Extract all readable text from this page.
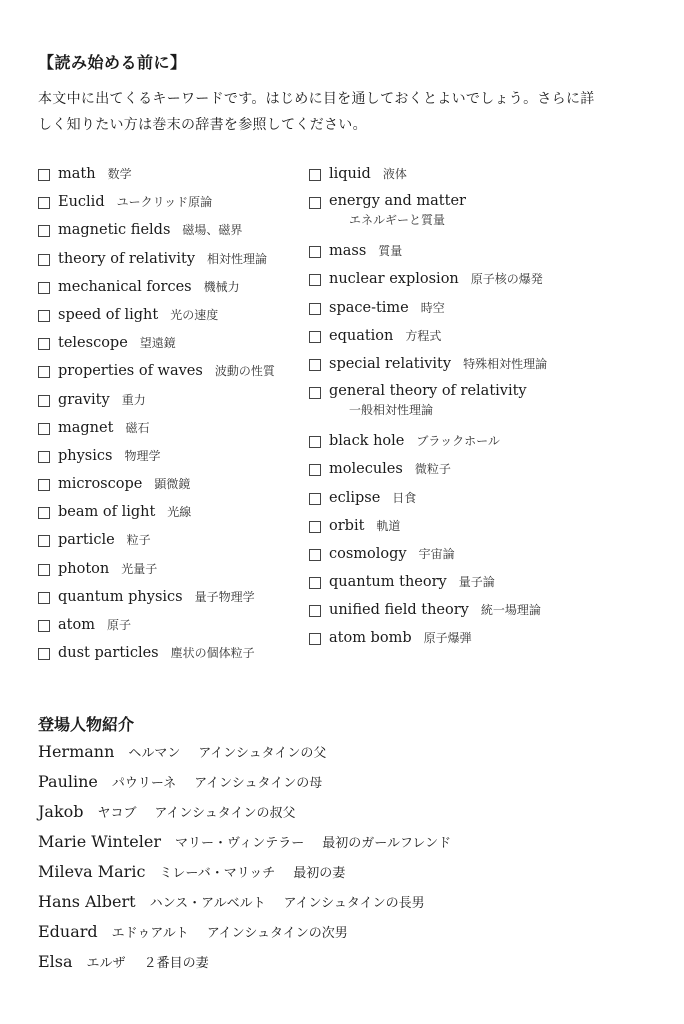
【読み始める前に】
本文中に出てくるキーワードです。はじめに目を通しておくとよいでしょう。さらに詳しく知りたい方は巻末の辞書を参照してください。
math 数学
Euclid ユークリッド原論
magnetic fields 磁場、磁界
theory of relativity 相対性理論
mechanical forces 機械力
speed of light 光の速度
telescope 望遠鏡
properties of waves 波動の性質
gravity 重力
magnet 磁石
physics 物理学
microscope 顕微鏡
beam of light 光線
particle 粒子
photon 光量子
quantum physics 量子物理学
atom 原子
dust particles 塵状の個体粒子
liquid 液体
energy and matter
エネルギーと質量
mass 質量
nuclear explosion 原子核の爆発
space-time 時空
equation 方程式
special relativity 特殊相対性理論
general theory of relativity
一般相対性理論
black hole ブラックホール
molecules 微粒子
eclipse 日食
orbit 軌道
cosmology 宇宙論
quantum theory 量子論
unified field theory 統一場理論
atom bomb 原子爆弾
登場人物紹介
Hermann ヘルマン アインシュタインの父
Pauline パウリーネ アインシュタインの母
Jakob ヤコブ アインシュタインの叔父
Marie Winteler マリー・ヴィンテラー 最初のガールフレンド
Mileva Maric ミレーバ・マリッチ 最初の妻
Hans Albert ハンス・アルベルト アインシュタインの長男
Eduard エドゥアルト アインシュタインの次男
Elsa エルザ ２番目の妻
